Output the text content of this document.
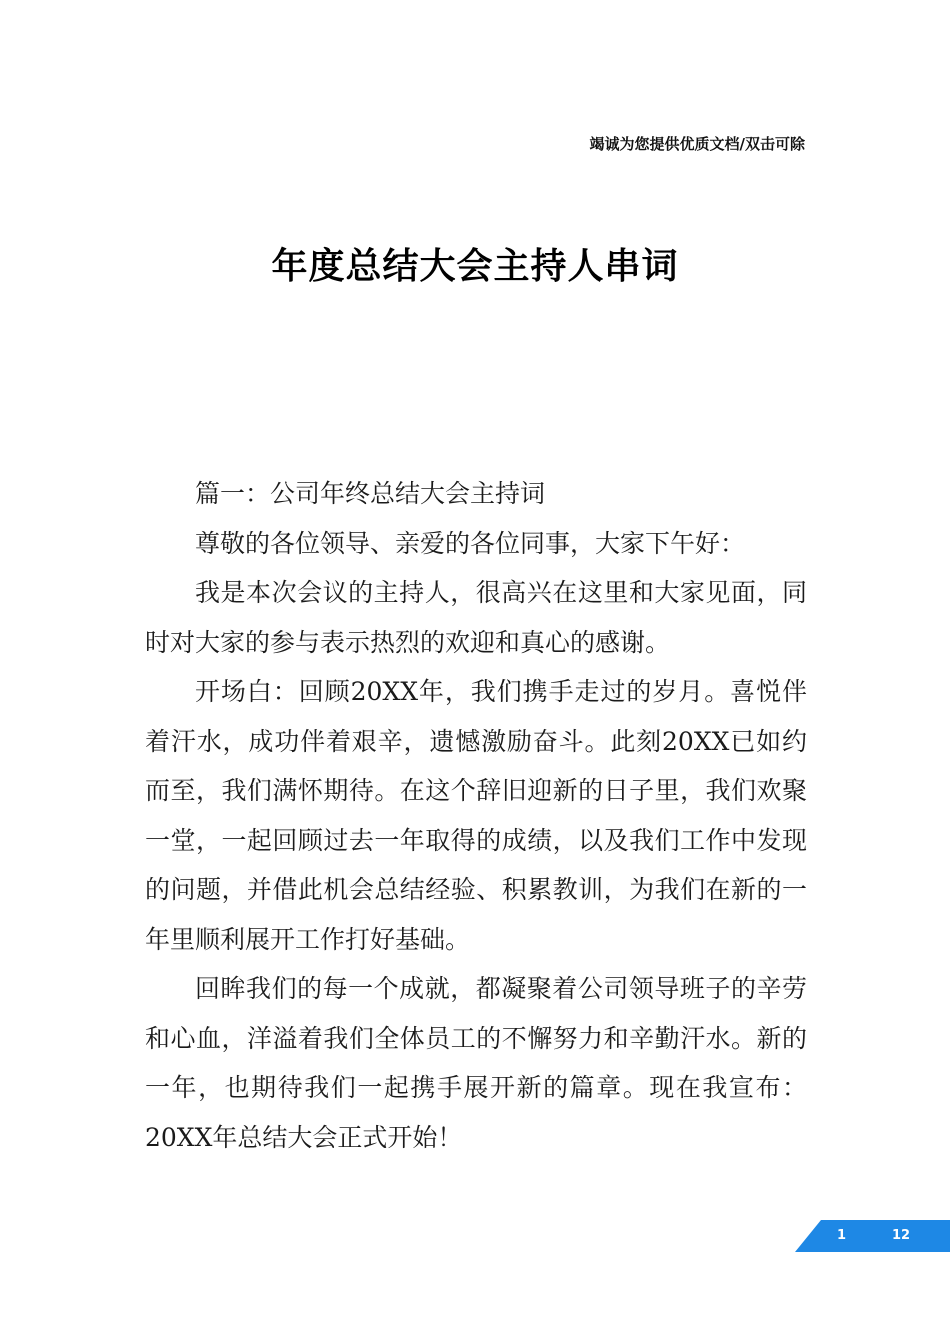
竭诚为您提供优质文档/双击可除
年度总结大会主持人串词

篇一：公司年终总结大会主持词

尊敬的各位领导、亲爱的各位同事，大家下午好：

我是本次会议的主持人，很高兴在这里和大家见面，同时对大家的参与表示热烈的欢迎和真心的感谢。

开场白：回顾20XX年，我们携手走过的岁月。喜悦伴着汗水，成功伴着艰辛，遗憾激励奋斗。此刻20XX已如约而至，我们满怀期待。在这个辞旧迎新的日子里，我们欢聚一堂，一起回顾过去一年取得的成绩，以及我们工作中发现的问题，并借此机会总结经验、积累教训，为我们在新的一年里顺利展开工作打好基础。

回眸我们的每一个成就，都凝聚着公司领导班子的辛劳和心血，洋溢着我们全体员工的不懈努力和辛勤汗水。新的一年，也期待我们一起携手展开新的篇章。现在我宣布：20XX年总结大会正式开始！

1	12
